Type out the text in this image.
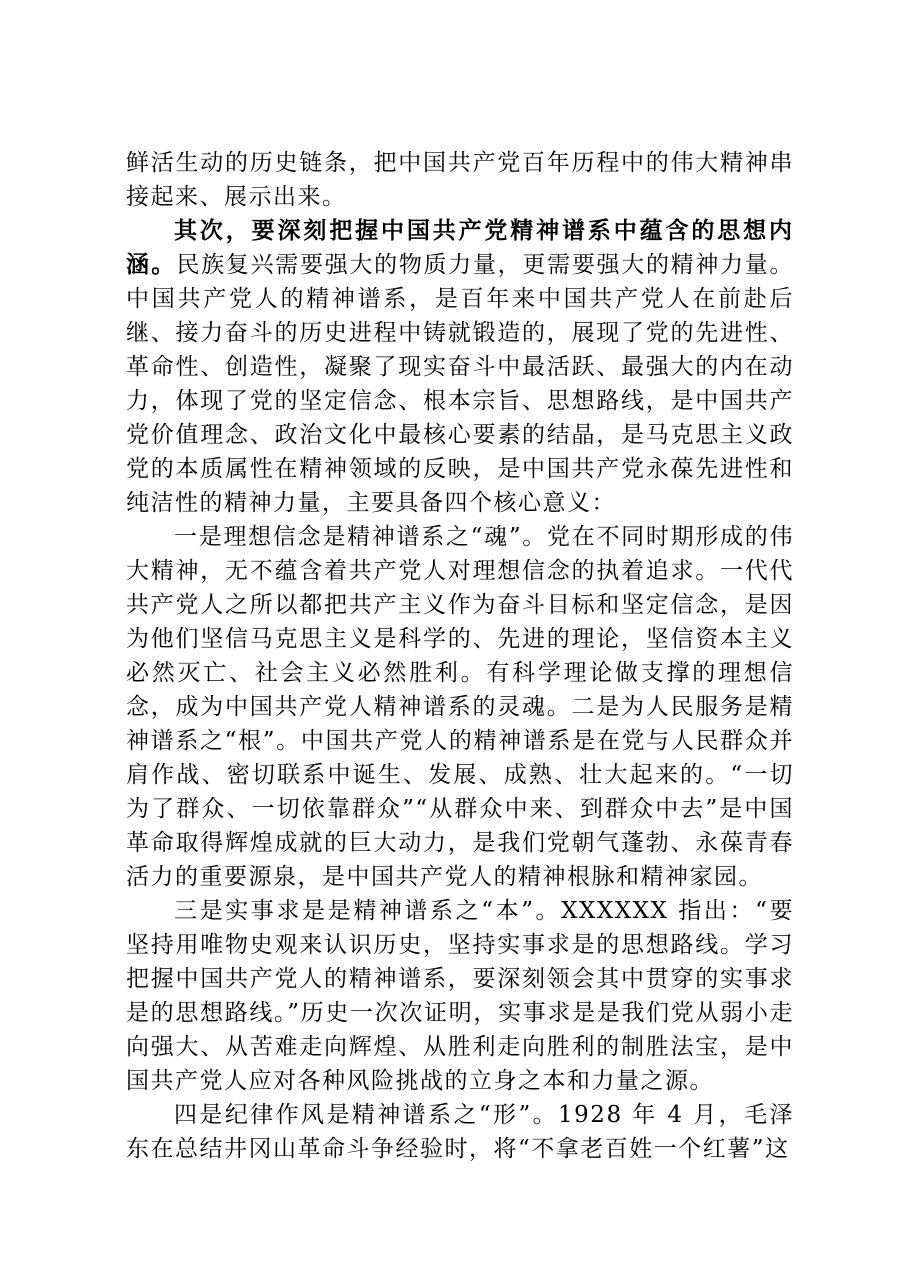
鲜活生动的历史链条，把中国共产党百年历程中的伟大精神串接起来、展示出来。

其次，要深刻把握中国共产党精神谱系中蕴含的思想内涵。民族复兴需要强大的物质力量，更需要强大的精神力量。中国共产党人的精神谱系，是百年来中国共产党人在前赴后继、接力奋斗的历史进程中铸就锻造的，展现了党的先进性、革命性、创造性，凝聚了现实奋斗中最活跃、最强大的内在动力，体现了党的坚定信念、根本宗旨、思想路线，是中国共产党价值理念、政治文化中最核心要素的结晶，是马克思主义政党的本质属性在精神领域的反映，是中国共产党永葆先进性和纯洁性的精神力量，主要具备四个核心意义：

一是理想信念是精神谱系之“魂”。党在不同时期形成的伟大精神，无不蕴含着共产党人对理想信念的执着追求。一代代共产党人之所以都把共产主义作为奋斗目标和坚定信念，是因为他们坚信马克思主义是科学的、先进的理论，坚信资本主义必然灭亡、社会主义必然胜利。有科学理论做支撑的理想信念，成为中国共产党人精神谱系的灵魂。二是为人民服务是精神谱系之“根”。中国共产党人的精神谱系是在党与人民群众并肩作战、密切联系中诞生、发展、成熟、壮大起来的。“一切为了群众、一切依靠群众”“从群众中来、到群众中去”是中国革命取得辉煌成就的巨大动力，是我们党朝气蓬勃、永葆青春活力的重要源泉，是中国共产党人的精神根脉和精神家园。

三是实事求是是精神谱系之“本”。XXXXXX 指出：“要坚持用唯物史观来认识历史，坚持实事求是的思想路线。学习把握中国共产党人的精神谱系，要深刻领会其中贯穿的实事求是的思想路线。”历史一次次证明，实事求是是我们党从弱小走向强大、从苦难走向辉煌、从胜利走向胜利的制胜法宝，是中国共产党人应对各种风险挑战的立身之本和力量之源。

四是纪律作风是精神谱系之“形”。1928 年 4 月，毛泽东在总结井冈山革命斗争经验时，将“不拿老百姓一个红薯”这
